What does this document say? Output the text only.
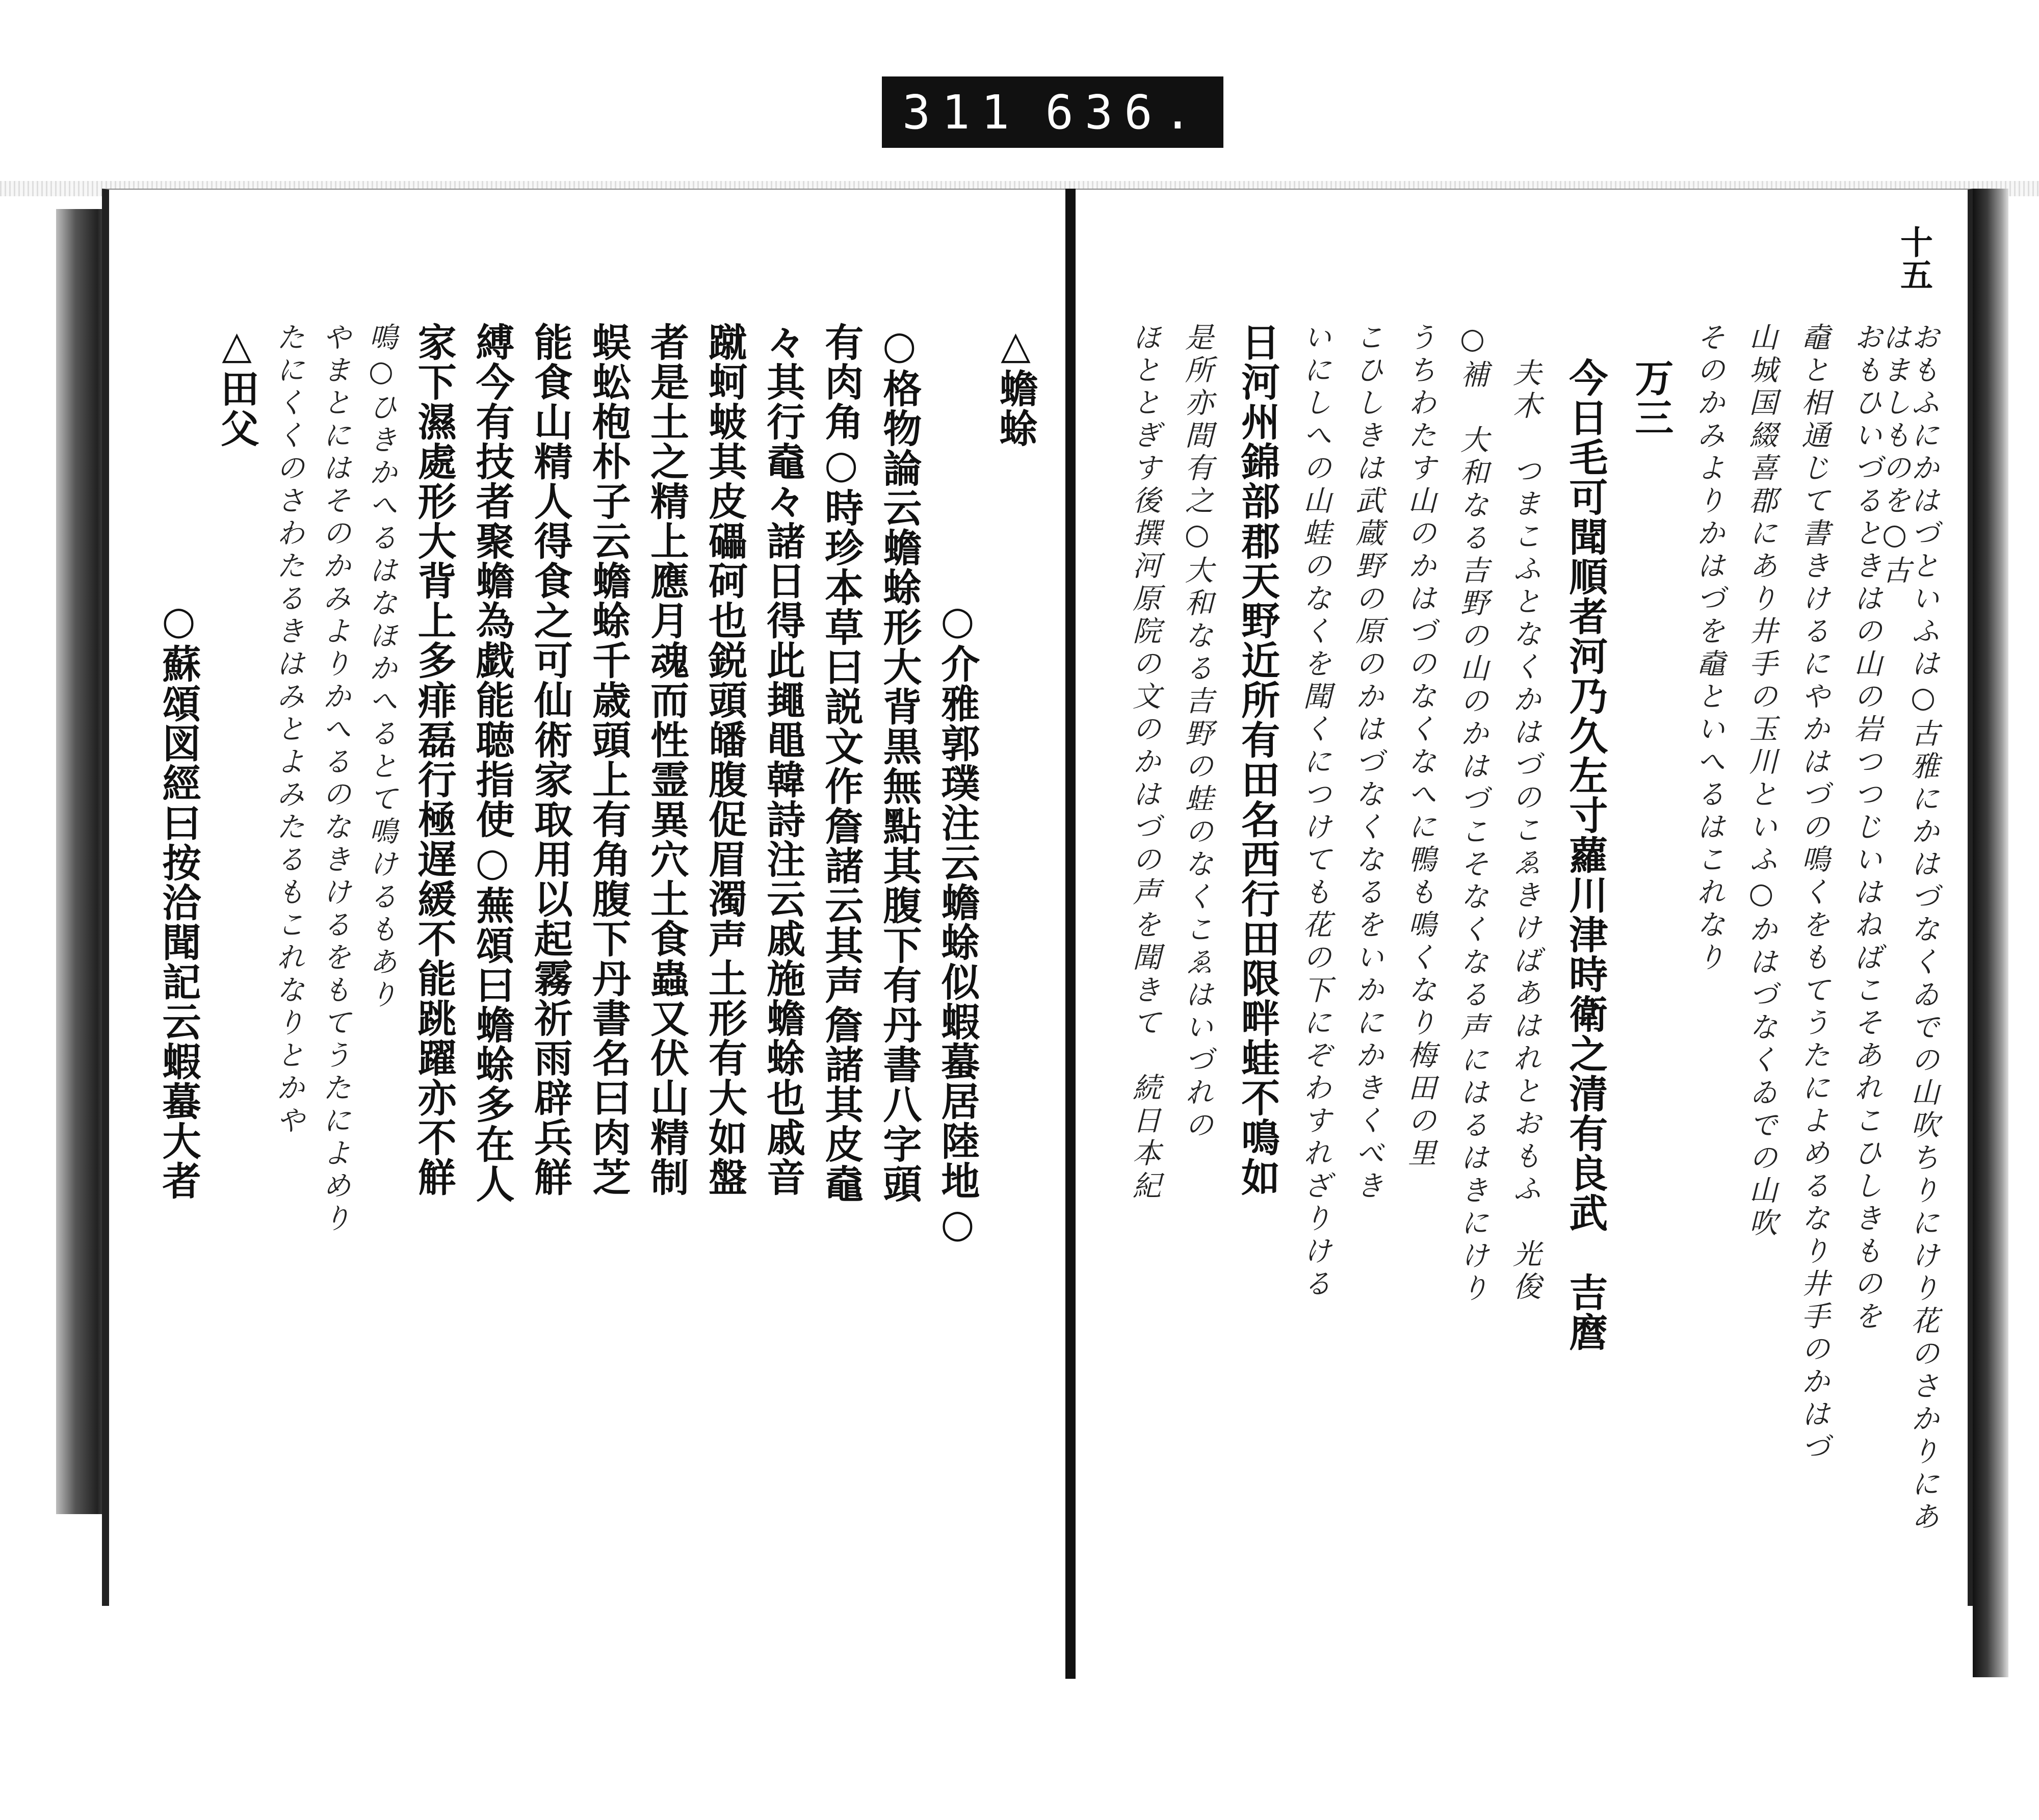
311 636.
△蟾蜍
○介雅郭璞注云蟾蜍似蝦蟇居陸地○
○格物論云蟾蜍形大背黒無點其腹下有丹書八字頭
有肉角○時珍本草曰説文作詹諸云其声詹諸其皮鼀
々其行鼀々諸日得此䵷黽韓詩注云戚施蟾蜍也戚音
蹴蚵蚾其皮礧砢也鋭頭皤腹促眉濁声土形有大如盤
者是土之精上應月魂而性霊異穴土食蟲又伏山精制
蜈蚣枹朴子云蟾蜍千歳頭上有角腹下丹書名曰肉芝
能食山精人得食之可仙術家取用以起霧祈雨辟兵觧
縛今有技者聚蟾為戯能聴指使○蕪頌曰蟾蜍多在人
家下濕處形大背上多痱磊行極遅緩不能跳躍亦不觧
鳴○ひきかへるはなほかへるとて鳴けるもあり
やまとにはそのかみよりかへるのなきけるをもてうたによめり
たにくくのさわたるきはみとよみたるもこれなりとかや
△田父
○蘇頌図經曰按洽聞記云蝦蟇大者
十五
おもふにかはづといふは○古雅にかはづなくゐでの山吹ちりにけり花のさかりにあはましものを○古
おもひいづるときはの山の岩つつじいはねばこそあれこひしきものを
鼀と相通じて書きけるにやかはづの鳴くをもてうたによめるなり井手のかはづ
山城国綴喜郡にあり井手の玉川といふ○かはづなくゐでの山吹
そのかみよりかはづを鼀といへるはこれなり
万三
今日毛可聞順者河乃久左寸蘿川津時衛之清有良武　吉麿
夫木　つまこふとなくかはづのこゑきけばあはれとおもふ　光俊
○補　大和なる吉野の山のかはづこそなくなる声にはるはきにけり
うちわたす山のかはづのなくなへに鴨も鳴くなり梅田の里
こひしきは武蔵野の原のかはづなくなるをいかにかきくべき
いにしへの山蛙のなくを聞くにつけても花の下にぞわすれざりける
日河州錦部郡天野近所有田名西行田限畔蛙不鳴如
是所亦間有之○大和なる吉野の蛙のなくこゑはいづれの
ほととぎす後撰河原院の文のかはづの声を聞きて　続日本紀
